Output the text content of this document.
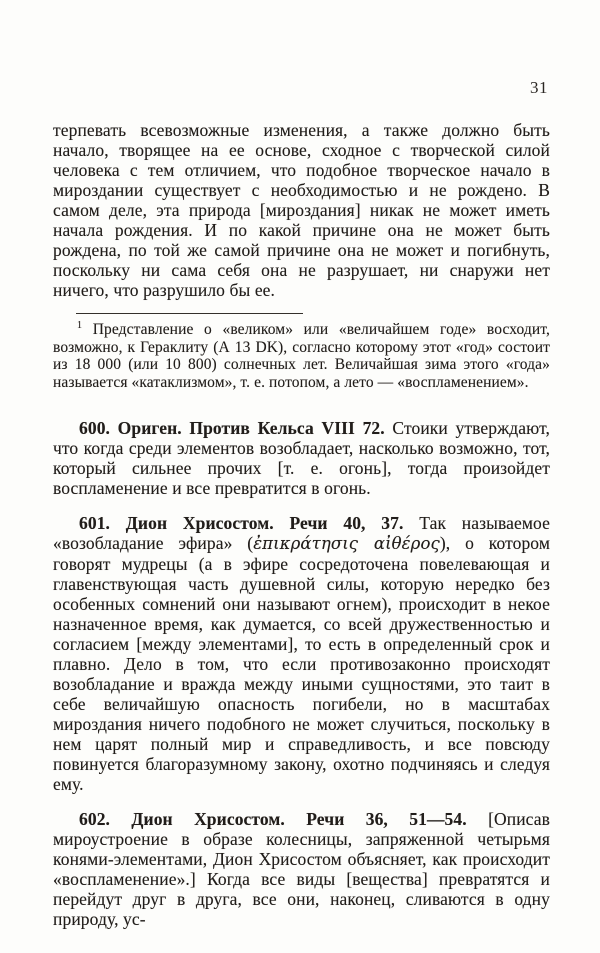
31

терпевать всевозможные изменения, а также должно быть начало, творящее на ее основе, сходное с творческой силой человека с тем отличием, что подобное творческое начало в мироздании существует с необходимостью и не рождено. В самом деле, эта природа [мироздания] никак не может иметь начала рождения. И по какой причине она не может быть рождена, по той же самой причине она не может и погибнуть, поскольку ни сама себя она не разрушает, ни снаружи нет ничего, что разрушило бы ее.

$^1$ Представление о «великом» или «величайшем годе» восходит, возможно, к Гераклиту (А 13 DK), согласно которому этот «год» состоит из 18 000 (или 10 800) солнечных лет. Величайшая зима этого «года» называется «катаклизмом», т. е. потопом, а лето — «воспламенением».

600. Ориген. Против Кельса VIII 72. Стоики утверждают, что когда среди элементов возобладает, насколько возможно, тот, который сильнее прочих [т. е. огонь], тогда произойдет воспламенение и все превратится в огонь.

601. Дион Хрисостом. Речи 40, 37. Так называемое «возобладание эфира» (ἐπικράτησις αἰθέρος), о котором говорят мудрецы (а в эфире сосредоточена повелевающая и главенствующая часть душевной силы, которую нередко без особенных сомнений они называют огнем), происходит в некое назначенное время, как думается, со всей дружественностью и согласием [между элементами], то есть в определенный срок и плавно. Дело в том, что если противозаконно происходят возобладание и вражда между иными сущностями, это таит в себе величайшую опасность погибели, но в масштабах мироздания ничего подобного не может случиться, поскольку в нем царят полный мир и справедливость, и все повсюду повинуется благоразумному закону, охотно подчиняясь и следуя ему.

602. Дион Хрисостом. Речи 36, 51—54. [Описав мироустроение в образе колесницы, запряженной четырьмя конями-элементами, Дион Хрисостом объясняет, как происходит «воспламенение».] Когда все виды [вещества] превратятся и перейдут друг в друга, все они, наконец, сливаются в одну природу, ус-
